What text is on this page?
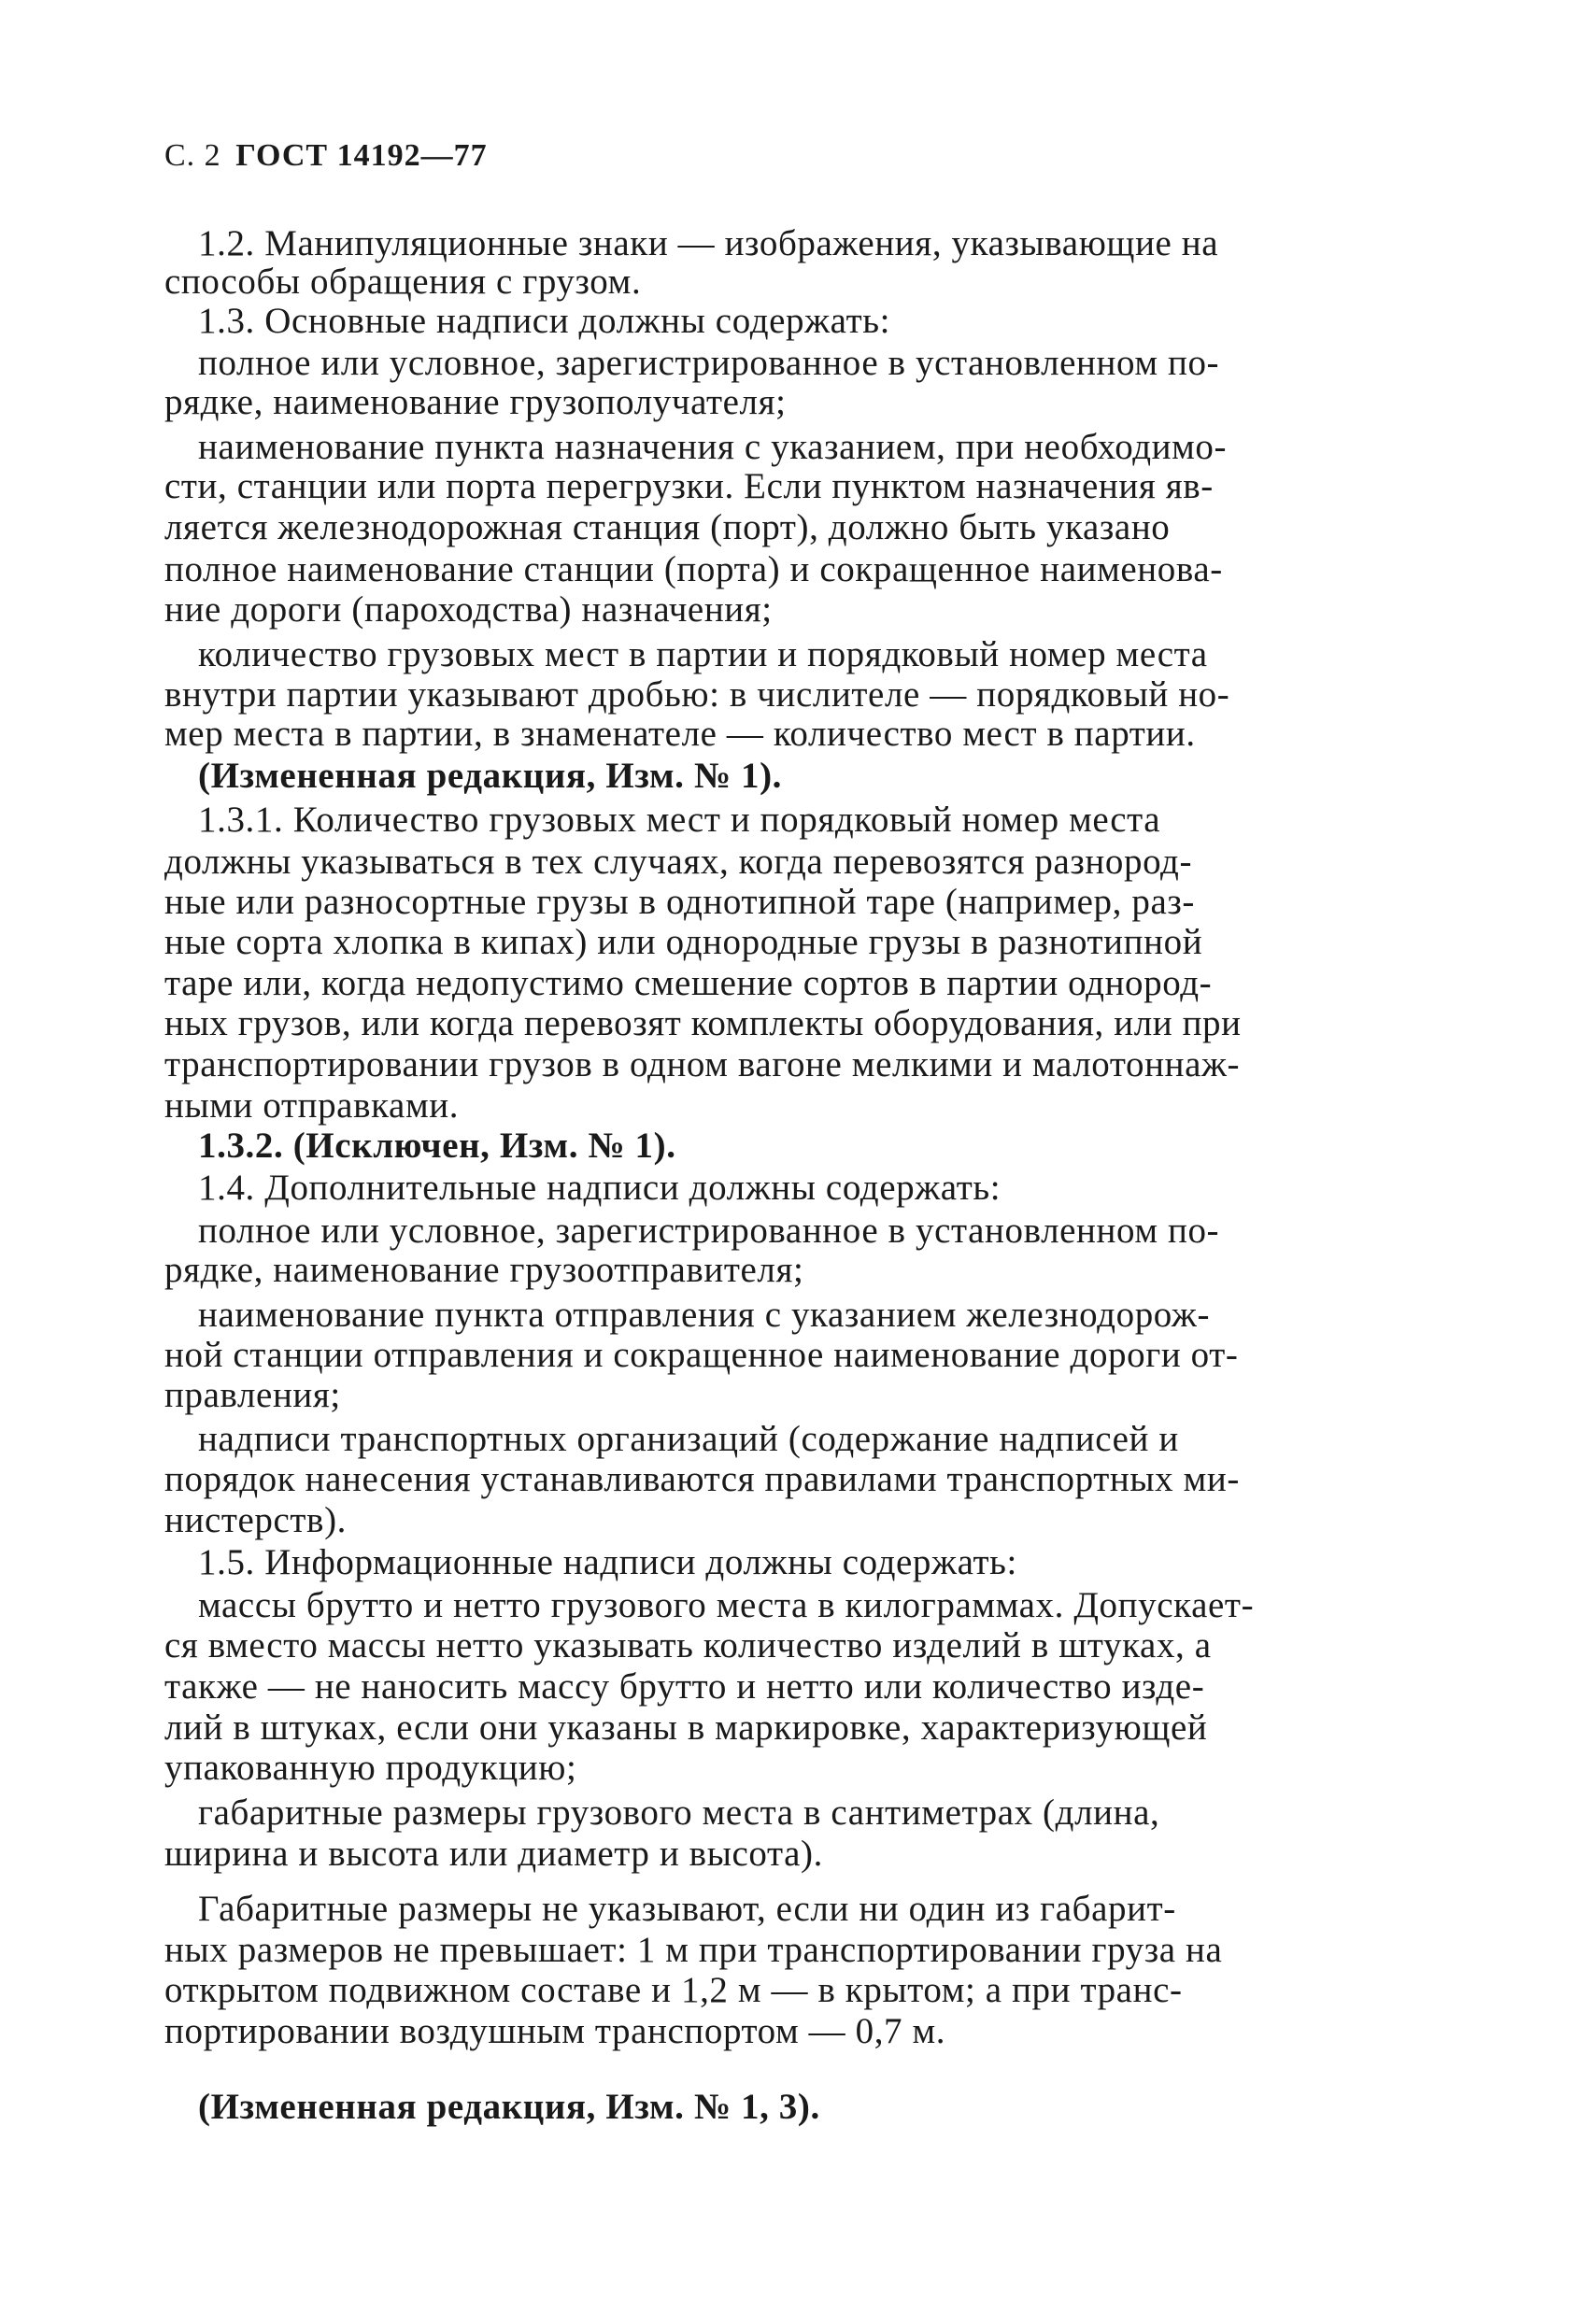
С. 2 ГОСТ 14192—77
1.2. Манипуляционные знаки — изображения, указывающие на
способы обращения с грузом.
1.3. Основные надписи должны содержать:
полное или условное, зарегистрированное в установленном по-
рядке, наименование грузополучателя;
наименование пункта назначения с указанием, при необходимо-
сти, станции или порта перегрузки. Если пунктом назначения яв-
ляется железнодорожная станция (порт), должно быть указано
полное наименование станции (порта) и сокращенное наименова-
ние дороги (пароходства) назначения;
количество грузовых мест в партии и порядковый номер места
внутри партии указывают дробью: в числителе — порядковый но-
мер места в партии, в знаменателе — количество мест в партии.
(Измененная редакция, Изм. № 1).
1.3.1. Количество грузовых мест и порядковый номер места
должны указываться в тех случаях, когда перевозятся разнород-
ные или разносортные грузы в однотипной таре (например, раз-
ные сорта хлопка в кипах) или однородные грузы в разнотипной
таре или, когда недопустимо смешение сортов в партии однород-
ных грузов, или когда перевозят комплекты оборудования, или при
транспортировании грузов в одном вагоне мелкими и малотоннаж-
ными отправками.
1.3.2. (Исключен, Изм. № 1).
1.4. Дополнительные надписи должны содержать:
полное или условное, зарегистрированное в установленном по-
рядке, наименование грузоотправителя;
наименование пункта отправления с указанием железнодорож-
ной станции отправления и сокращенное наименование дороги от-
правления;
надписи транспортных организаций (содержание надписей и
порядок нанесения устанавливаются правилами транспортных ми-
нистерств).
1.5. Информационные надписи должны содержать:
массы брутто и нетто грузового места в килограммах. Допускает-
ся вместо массы нетто указывать количество изделий в штуках, а
также — не наносить массу брутто и нетто или количество изде-
лий в штуках, если они указаны в маркировке, характеризующей
упакованную продукцию;
габаритные размеры грузового места в сантиметрах (длина,
ширина и высота или диаметр и высота).
Габаритные размеры не указывают, если ни один из габарит-
ных размеров не превышает: 1 м при транспортировании груза на
открытом подвижном составе и 1,2 м — в крытом; а при транс-
портировании воздушным транспортом — 0,7 м.
(Измененная редакция, Изм. № 1, 3).
